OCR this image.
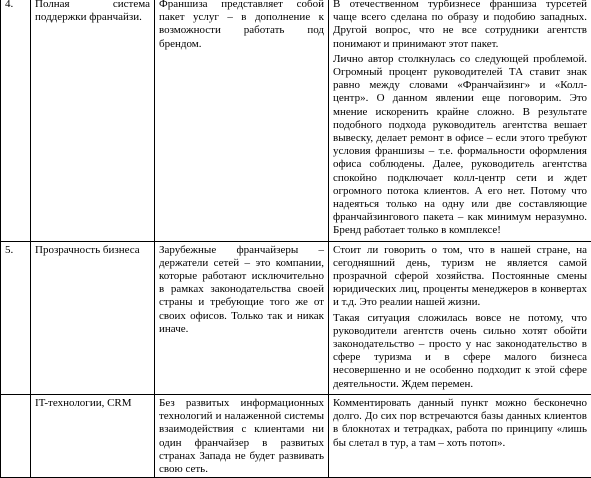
4.	Полная система поддержки франчайзи.	Франшиза представляет собой пакет услуг – в дополнение к возможности работать под брендом.	В отечественном турбизнесе франшиза турсетей чаще всего сделана по образу и подобию западных. Другой вопрос, что не все сотрудники агентств понимают и принимают этот пакет.

Лично автор столкнулась со следующей проблемой. Огромный процент руководителей ТА ставит знак равно между словами «Франчайзинг» и «Колл-центр». О данном явлении еще поговорим. Это мнение искоренить крайне сложно. В результате подобного подхода руководитель агентства вешает вывеску, делает ремонт в офисе – если этого требуют условия франшизы – т.е. формальности оформления офиса соблюдены. Далее, руководитель агентства спокойно подключает колл-центр сети и ждет огромного потока клиентов. А его нет. Потому что надеяться только на одну или две составляющие франчайзингового пакета – как минимум неразумно. Бренд работает только в комплексе!

5.	Прозрачность бизнеса	Зарубежные франчайзеры – держатели сетей – это компании, которые работают исключительно в рамках законодательства своей страны и требующие того же от своих офисов. Только так и никак иначе.	Стоит ли говорить о том, что в нашей стране, на сегодняшний день, туризм не является самой прозрачной сферой хозяйства. Постоянные смены юридических лиц, проценты менеджеров в конвертах и т.д. Это реалии нашей жизни.

Такая ситуация сложилась вовсе не потому, что руководители агентств очень сильно хотят обойти законодательство – просто у нас законодательство в сфере туризма и в сфере малого бизнеса несовершенно и не особенно подходит к этой сфере деятельности. Ждем перемен.

	IT-технологии, CRM	Без развитых информационных технологий и налаженной системы взаимодействия с клиентами ни один франчайзер в развитых странах Запада не будет развивать свою сеть.	Комментировать данный пункт можно бесконечно долго. До сих пор встречаются базы данных клиентов в блокнотах и тетрадках, работа по принципу «лишь бы слетал в тур, а там – хоть потоп».
